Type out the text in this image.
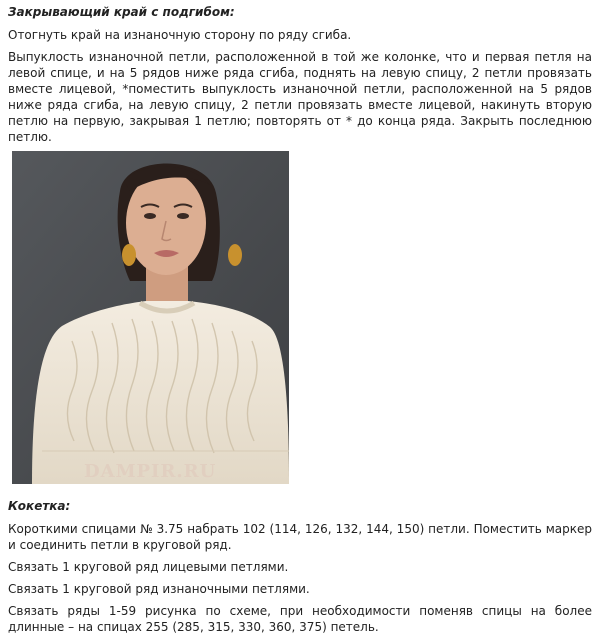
Закрывающий край с подгибом:

Отогнуть край на изнаночную сторону по ряду сгиба.

Выпуклость изнаночной петли, расположенной в той же колонке, что и первая петля на левой спице, и на 5 рядов ниже ряда сгиба, поднять на левую спицу, 2 петли провязать вместе лицевой, *поместить выпуклость изнаночной петли, расположенной на 5 рядов ниже ряда сгиба, на левую спицу, 2 петли провязать вместе лицевой, накинуть вторую петлю на первую, закрывая 1 петлю; повторять от * до конца ряда. Закрыть последнюю петлю.

DAMPIR.RU
Кокетка:

Короткими спицами № 3.75 набрать 102 (114, 126, 132, 144, 150) петли. Поместить маркер и соединить петли в круговой ряд.

Связать 1 круговой ряд лицевыми петлями.

Связать 1 круговой ряд изнаночными петлями.

Связать ряды 1-59 рисунка по схеме, при необходимости поменяв спицы на более длинные – на спицах 255 (285, 315, 330, 360, 375) петель.
